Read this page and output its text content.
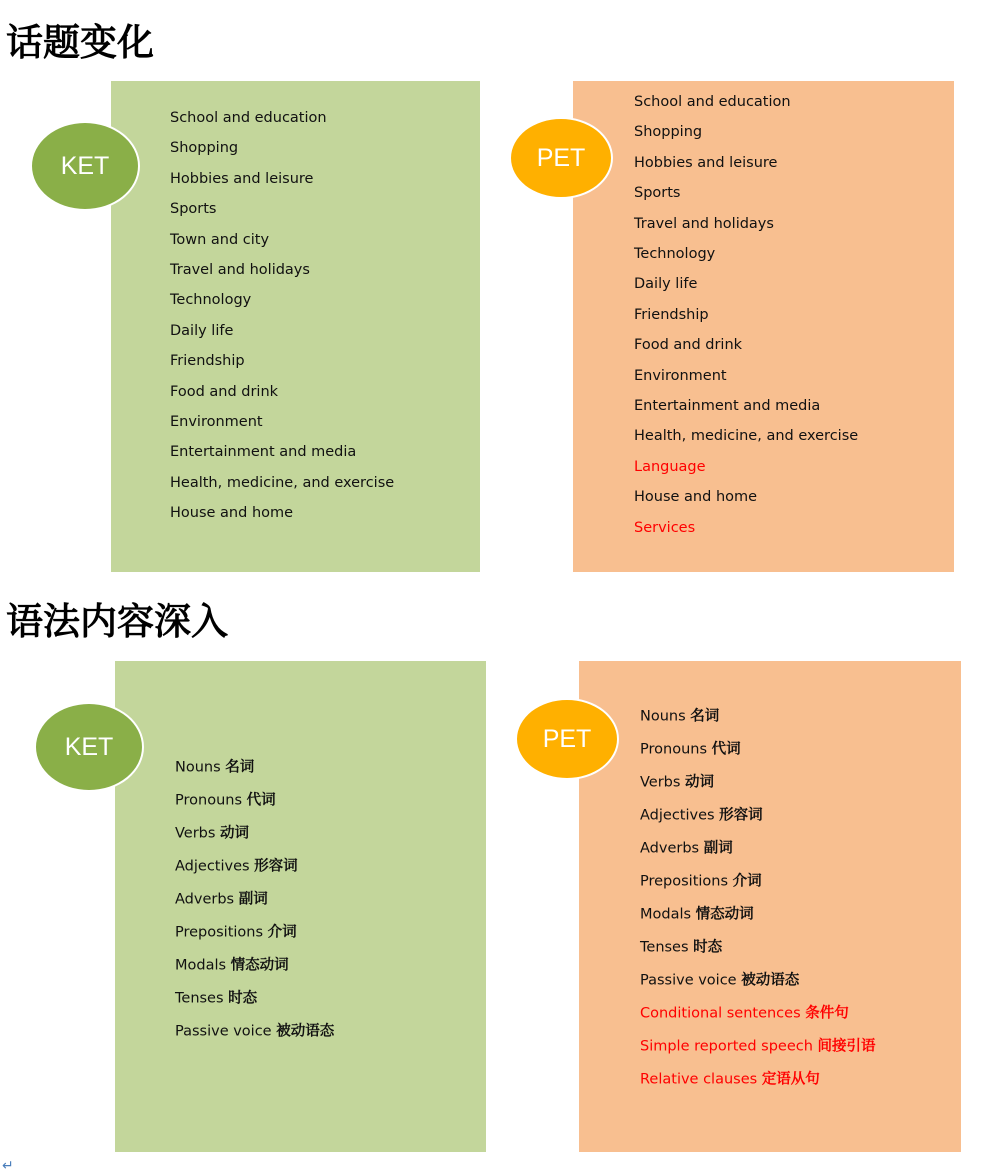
话题变化
KET
School and education
Shopping
Hobbies and leisure
Sports
Town and city
Travel and holidays
Technology
Daily life
Friendship
Food and drink
Environment
Entertainment and media
Health, medicine, and exercise
House and home
PET
School and education
Shopping
Hobbies and leisure
Sports
Travel and holidays
Technology
Daily life
Friendship
Food and drink
Environment
Entertainment and media
Health, medicine, and exercise
Language
House and home
Services
语法内容深入
KET
Nouns 名词
Pronouns 代词
Verbs 动词
Adjectives 形容词
Adverbs 副词
Prepositions 介词
Modals 情态动词
Tenses 时态
Passive voice 被动语态
PET
Nouns 名词
Pronouns 代词
Verbs 动词
Adjectives 形容词
Adverbs 副词
Prepositions 介词
Modals 情态动词
Tenses 时态
Passive voice 被动语态
Conditional sentences 条件句
Simple reported speech 间接引语
Relative clauses 定语从句
↵
